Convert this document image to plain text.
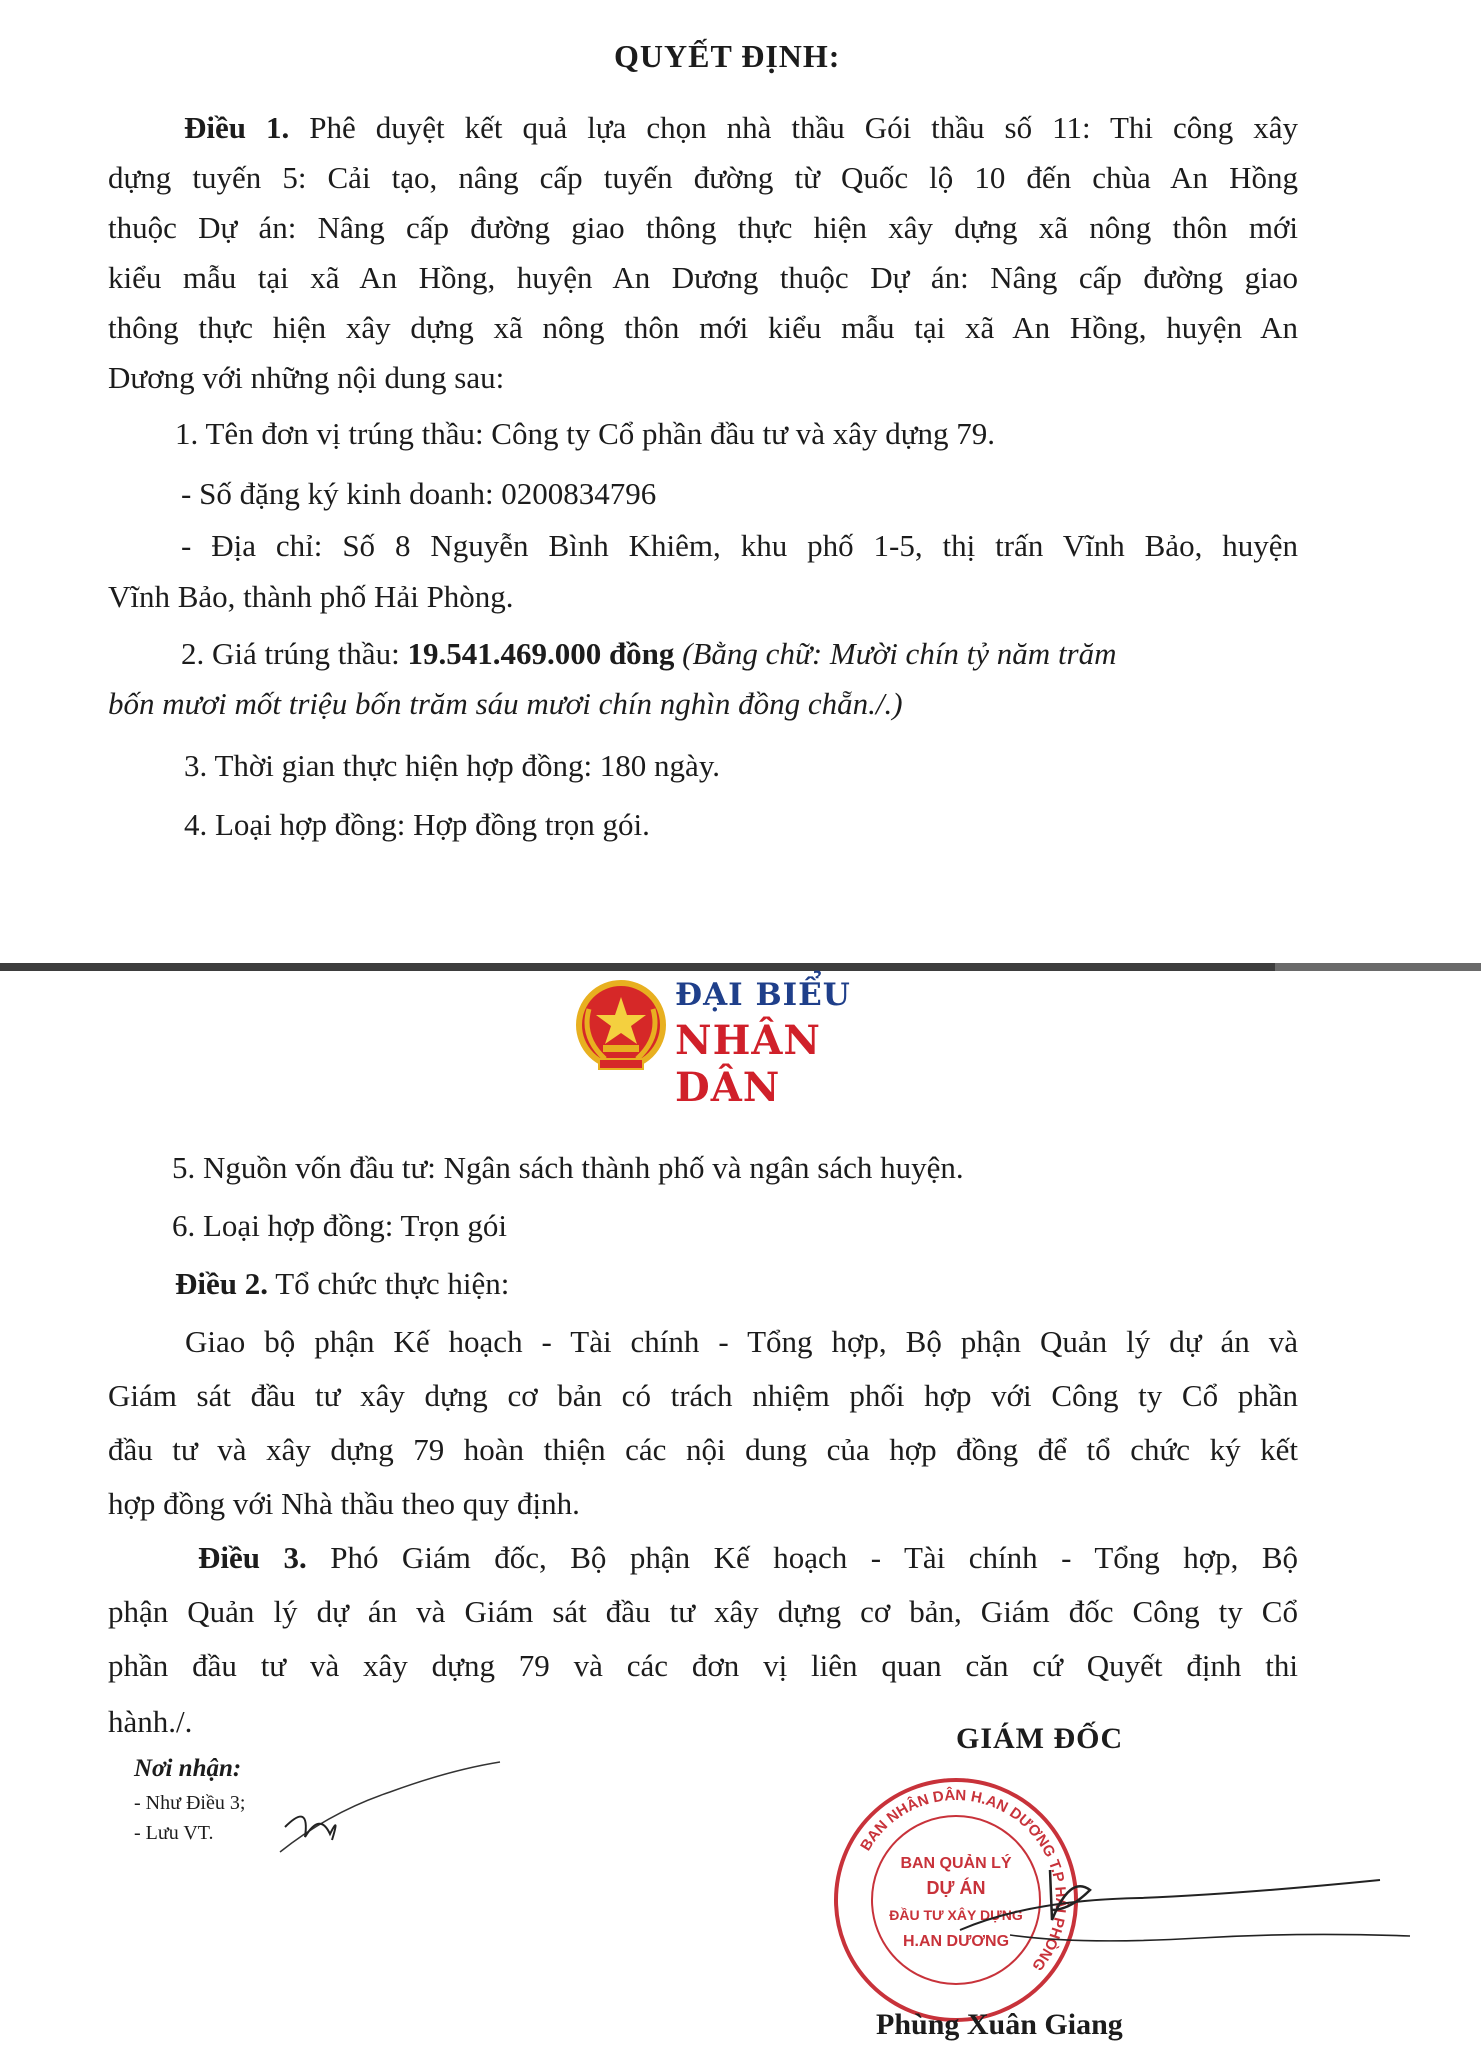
QUYẾT ĐỊNH:
Điều 1. Phê duyệt kết quả lựa chọn nhà thầu Gói thầu số 11: Thi công xây
dựng tuyến 5: Cải tạo, nâng cấp tuyến đường từ Quốc lộ 10 đến chùa An Hồng
thuộc Dự án: Nâng cấp đường giao thông thực hiện xây dựng xã nông thôn mới
kiểu mẫu tại xã An Hồng, huyện An Dương thuộc Dự án: Nâng cấp đường giao
thông thực hiện xây dựng xã nông thôn mới kiểu mẫu tại xã An Hồng, huyện An
Dương với những nội dung sau:
1. Tên đơn vị trúng thầu: Công ty Cổ phần đầu tư và xây dựng 79.
- Số đặng ký kinh doanh: 0200834796
- Địa chỉ: Số 8 Nguyễn Bình Khiêm, khu phố 1-5, thị trấn Vĩnh Bảo, huyện
Vĩnh Bảo, thành phố Hải Phòng.
2. Giá trúng thầu: 19.541.469.000 đồng (Bằng chữ: Mười chín tỷ năm trăm
bốn mươi mốt triệu bốn trăm sáu mươi chín nghìn đồng chẵn./.)
3. Thời gian thực hiện hợp đồng: 180 ngày.
4. Loại hợp đồng: Hợp đồng trọn gói.
ĐẠI BIỂU
NHÂN DÂN
5. Nguồn vốn đầu tư: Ngân sách thành phố và ngân sách huyện.
6. Loại hợp đồng: Trọn gói
Điều 2. Tổ chức thực hiện:
Giao bộ phận Kế hoạch - Tài chính - Tổng hợp, Bộ phận Quản lý dự án và
Giám sát đầu tư xây dựng cơ bản có trách nhiệm phối hợp với Công ty Cổ phần
đầu tư và xây dựng 79 hoàn thiện các nội dung của hợp đồng để tổ chức ký kết
hợp đồng với Nhà thầu theo quy định.
Điều 3. Phó Giám đốc, Bộ phận Kế hoạch - Tài chính - Tổng hợp, Bộ
phận Quản lý dự án và Giám sát đầu tư xây dựng cơ bản, Giám đốc Công ty Cổ
phần đầu tư và xây dựng 79 và các đơn vị liên quan căn cứ Quyết định thi
hành./.
Nơi nhận:
- Như Điều 3;
- Lưu VT.
GIÁM ĐỐC
BAN NHÂN DÂN H.AN DƯƠNG T.P HẢI PHÒNG
BAN QUẢN LÝ
DỰ ÁN
ĐẦU TƯ XÂY DỰNG
H.AN DƯƠNG
Phùng Xuân Giang
